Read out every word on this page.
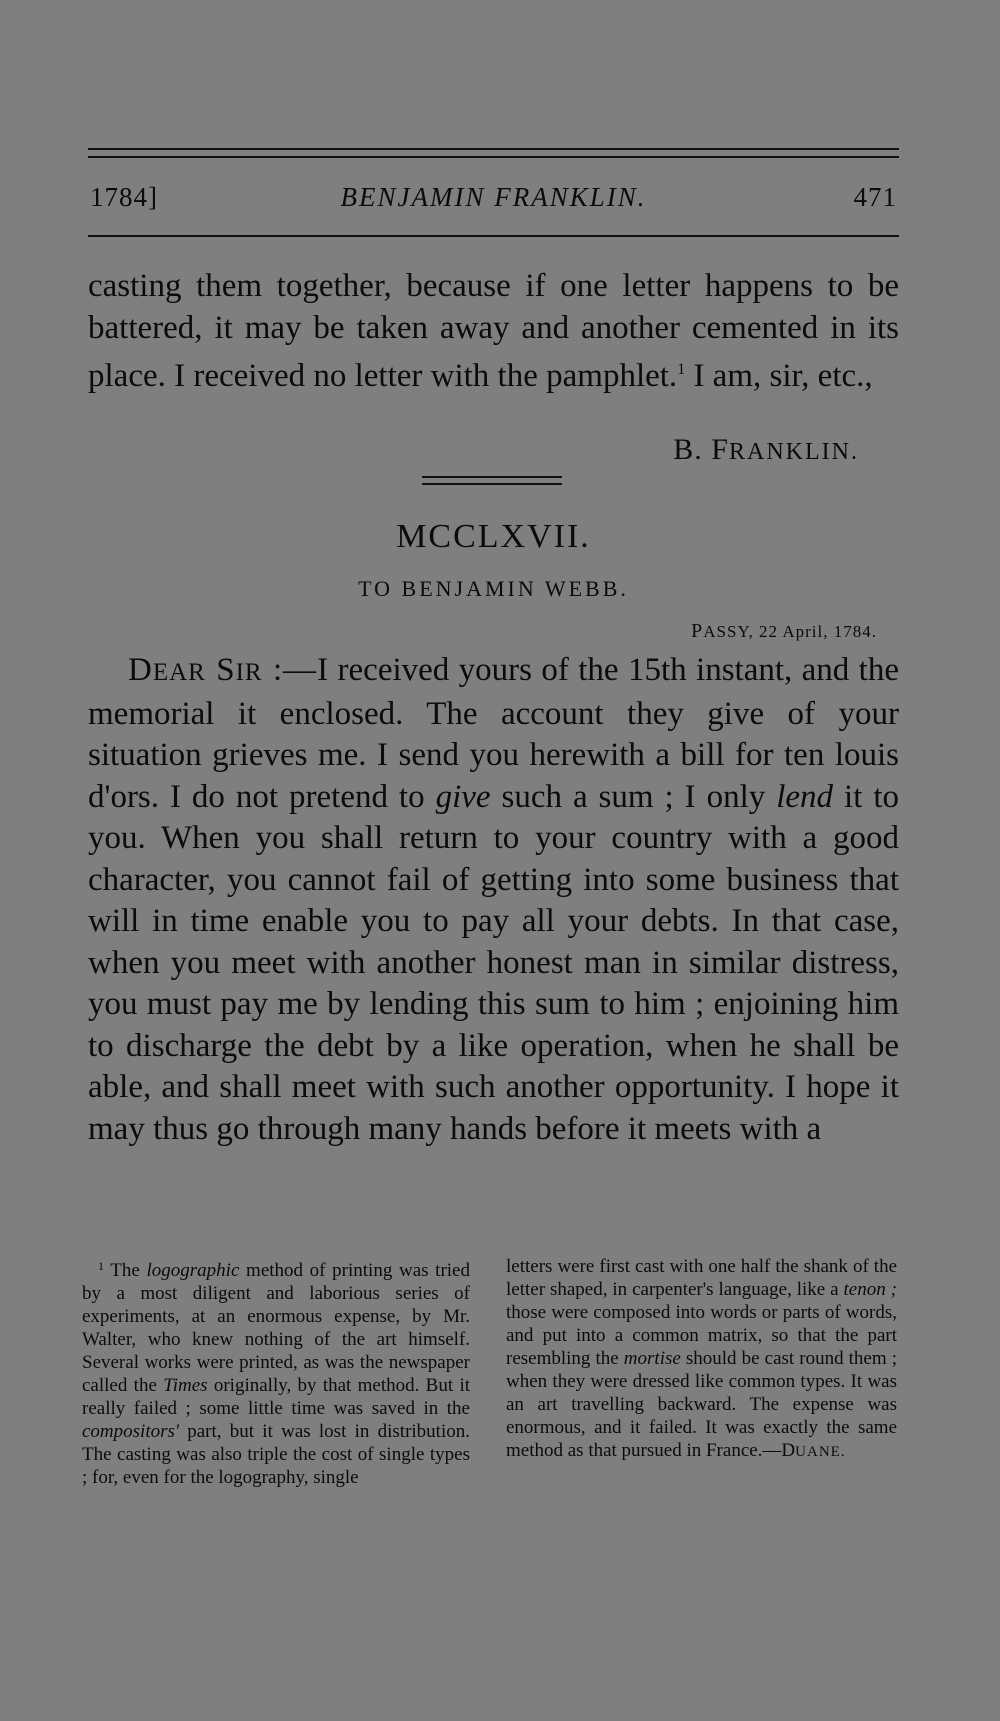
1784]	BENJAMIN FRANKLIN.	471
casting them together, because if one letter happens to be battered, it may be taken away and another cemented in its place. I received no letter with the pamphlet.$^1$ I am, sir, etc.,
B. FRANKLIN.
MCCLXVII.
TO BENJAMIN WEBB.
PASSY, 22 April, 1784.
DEAR SIR :—I received yours of the 15th instant, and the memorial it enclosed. The account they give of your situation grieves me. I send you herewith a bill for ten louis d'ors. I do not pretend to give such a sum ; I only lend it to you. When you shall return to your country with a good character, you cannot fail of getting into some business that will in time enable you to pay all your debts. In that case, when you meet with another honest man in similar distress, you must pay me by lending this sum to him ; enjoining him to discharge the debt by a like operation, when he shall be able, and shall meet with such another opportunity. I hope it may thus go through many hands before it meets with a
$^1$ The logographic method of printing was tried by a most diligent and laborious series of experiments, at an enormous expense, by Mr. Walter, who knew nothing of the art himself. Several works were printed, as was the newspaper called the Times originally, by that method. But it really failed ; some little time was saved in the compositors' part, but it was lost in distribution. The casting was also triple the cost of single types ; for, even for the logography, single
letters were first cast with one half the shank of the letter shaped, in carpenter's language, like a tenon ; those were composed into words or parts of words, and put into a common matrix, so that the part resembling the mortise should be cast round them ; when they were dressed like common types. It was an art travelling backward. The expense was enormous, and it failed. It was exactly the same method as that pursued in France.—DUANE.
